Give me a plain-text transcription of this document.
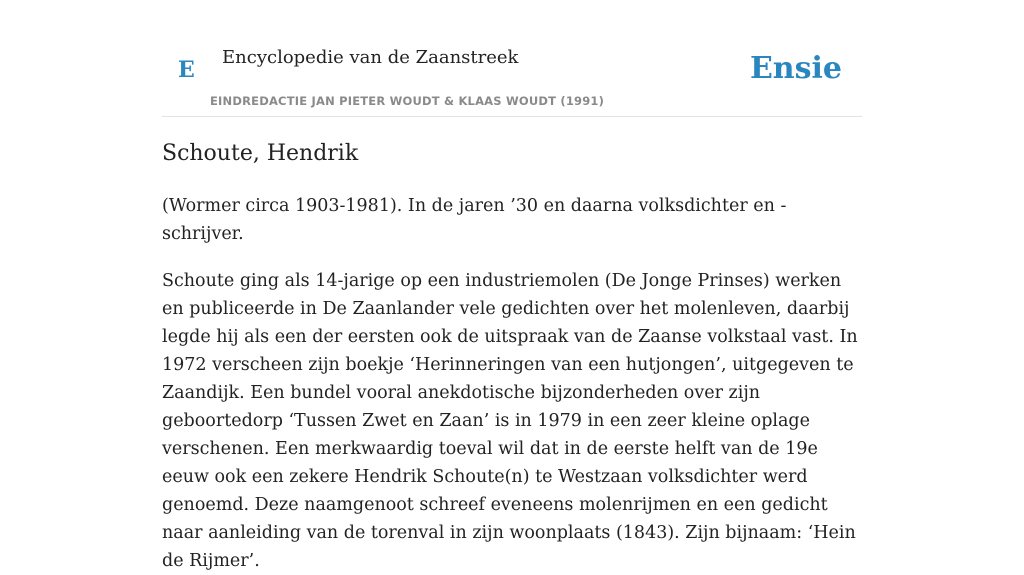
E Encyclopedie van de Zaanstreek
EINDREDACTIE JAN PIETER WOUDT & KLAAS WOUDT (1991)
Ensie
Schoute, Hendrik

(Wormer circa 1903-1981). In de jaren ’30 en daarna volksdichter en -schrijver.

Schoute ging als 14-jarige op een industriemolen (De Jonge Prinses) werken en publiceerde in De Zaanlander vele gedichten over het molenleven, daarbij legde hij als een der eersten ook de uitspraak van de Zaanse volkstaal vast. In 1972 verscheen zijn boekje ‘Herinneringen van een hutjongen’, uitgegeven te Zaandijk. Een bundel vooral anekdotische bijzonderheden over zijn geboortedorp ‘Tussen Zwet en Zaan’ is in 1979 in een zeer kleine oplage verschenen. Een merkwaardig toeval wil dat in de eerste helft van de 19e eeuw ook een zekere Hendrik Schoute(n) te Westzaan volksdichter werd genoemd. Deze naamgenoot schreef eveneens molenrijmen en een gedicht naar aanleiding van de torenval in zijn woonplaats (1843). Zijn bijnaam: ‘Hein de Rijmer’.
